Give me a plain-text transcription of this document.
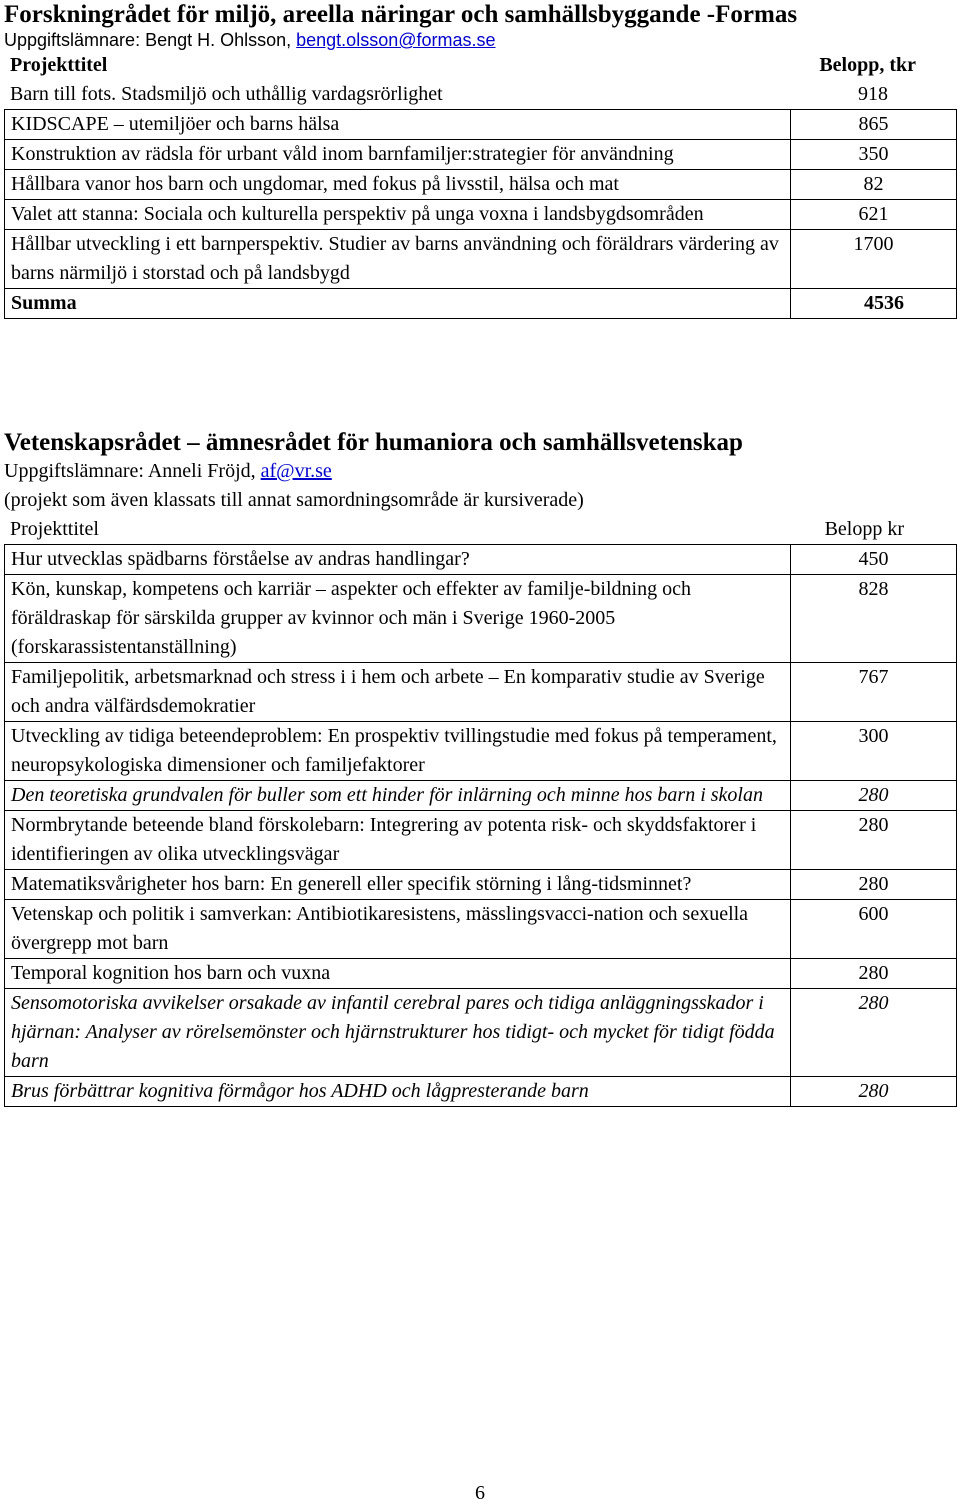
Forskningrådet för miljö, areella näringar och samhällsbyggande -Formas

Uppgiftslämnare: Bengt H. Ohlsson, bengt.olsson@formas.se

Projekttitel	Belopp, tkr
Barn till fots. Stadsmiljö och uthållig vardagsrörlighet	918
KIDSCAPE – utemiljöer och barns hälsa	865
Konstruktion av rädsla för urbant våld inom barnfamiljer:strategier för användning	350
Hållbara vanor hos barn och ungdomar, med fokus på livsstil, hälsa och mat	82
Valet att stanna: Sociala och kulturella perspektiv på unga voxna i landsbygdsområden	621
Hållbar utveckling i ett barnperspektiv. Studier av barns användning och föräldrars värdering av barns närmiljö i storstad och på landsbygd	1700
Summa	4536

Vetenskapsrådet – ämnesrådet för humaniora och samhällsvetenskap

Uppgiftslämnare: Anneli Fröjd, af@vr.se

(projekt som även klassats till annat samordningsområde är kursiverade)

Projekttitel	Belopp kr
Hur utvecklas spädbarns förståelse av andras handlingar?	450
Kön, kunskap, kompetens och karriär – aspekter och effekter av familje-bildning och föräldraskap för särskilda grupper av kvinnor och män i Sverige 1960-2005 (forskarassistentanställning)	828
Familjepolitik, arbetsmarknad och stress i i hem och arbete – En komparativ studie av Sverige och andra välfärdsdemokratier	767
Utveckling av tidiga beteendeproblem: En prospektiv tvillingstudie med fokus på temperament, neuropsykologiska dimensioner och familjefaktorer	300
Den teoretiska grundvalen för buller som ett hinder för inlärning och minne hos barn i skolan	280
Normbrytande beteende bland förskolebarn: Integrering av potenta risk- och skyddsfaktorer i identifieringen av olika utvecklingsvägar	280
Matematiksvårigheter hos barn: En generell eller specifik störning i lång-tidsminnet?	280
Vetenskap och politik i samverkan: Antibiotikaresistens, mässlingsvacci-nation och sexuella övergrepp mot barn	600
Temporal kognition hos barn och vuxna	280
Sensomotoriska avvikelser orsakade av infantil cerebral pares och tidiga anläggningsskador i hjärnan: Analyser av rörelsemönster och hjärnstrukturer hos tidigt- och mycket för tidigt födda barn	280
Brus förbättrar kognitiva förmågor hos ADHD och lågpresterande barn	280
6
